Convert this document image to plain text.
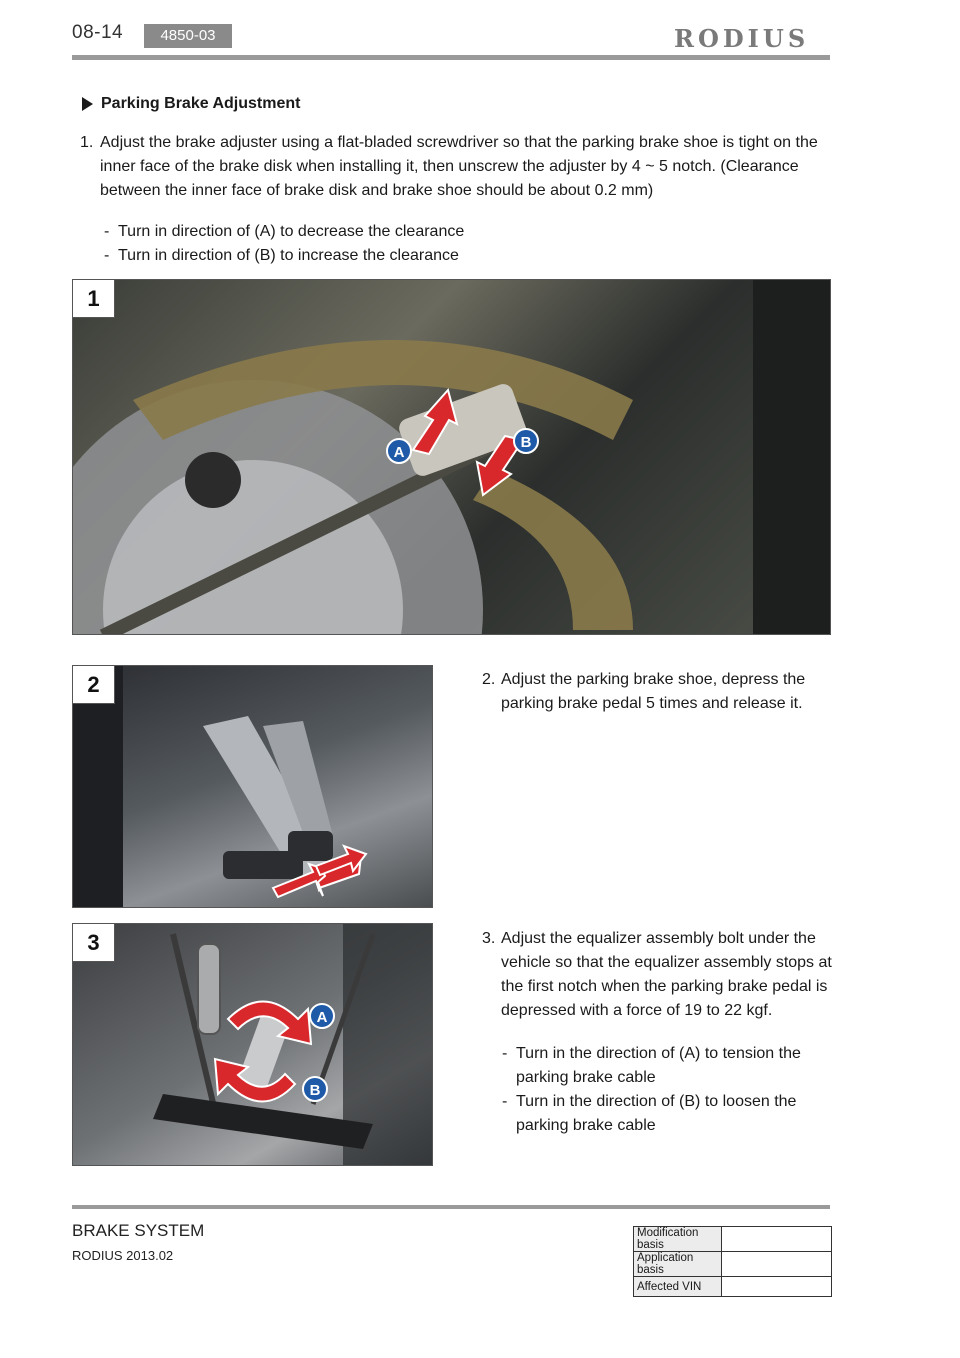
08-14	4850-03	RODIUS
Parking Brake Adjustment
1. Adjust the brake adjuster using a flat-bladed screwdriver so that the parking brake shoe is tight on the inner face of the brake disk when installing it, then unscrew the adjuster by 4 ~ 5 notch. (Clearance between the inner face of brake disk and brake shoe should be about 0.2 mm)
- Turn in direction of (A) to decrease the clearance
- Turn in direction of (B) to increase the clearance
A
B
1
2	2. Adjust the parking brake shoe, depress the parking brake pedal 5 times and release it.
A
B
3	3. Adjust the equalizer assembly bolt under the vehicle so that the equalizer assembly stops at the first notch when the parking brake pedal is depressed with a force of 19 to 22 kgf.
- Turn in the direction of (A) to tension the parking brake cable
- Turn in the direction of (B) to loosen the parking brake cable
BRAKE SYSTEM
RODIUS 2013.02
Modification basis	
Application basis	
Affected VIN	
